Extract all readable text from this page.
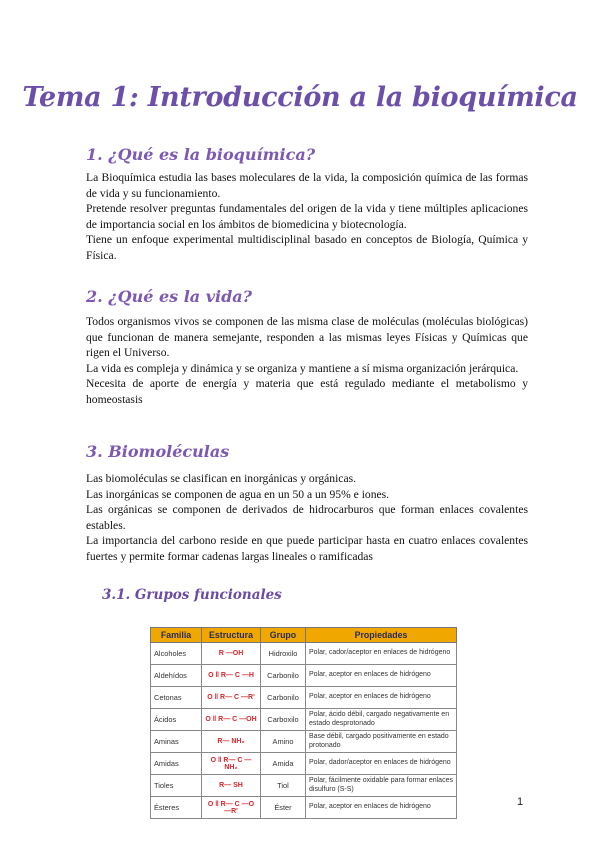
Tema 1: Introducción a la bioquímica
1. ¿Qué es la bioquímica?

La Bioquímica estudia las bases moleculares de la vida, la composición química de las formas de vida y su funcionamiento.

Pretende resolver preguntas fundamentales del origen de la vida y tiene múltiples aplicaciones de importancia social en los ámbitos de biomedicina y biotecnología.

Tiene un enfoque experimental multidisciplinal basado en conceptos de Biología, Química y Física.

2. ¿Qué es la vida?

Todos organismos vivos se componen de las misma clase de moléculas (moléculas biológicas) que funcionan de manera semejante, responden a las mismas leyes Físicas y Químicas que rigen el Universo.

La vida es compleja y dinámica y se organiza y mantiene a sí misma organización jerárquica.

Necesita de aporte de energía y materia que está regulado mediante el metabolismo y homeostasis

3. Biomoléculas

Las biomoléculas se clasifican en inorgánicas y orgánicas.

Las inorgánicas se componen de agua en un 50 a un 95% e iones.

Las orgánicas se componen de derivados de hidrocarburos que forman enlaces covalentes estables.

La importancia del carbono reside en que puede participar hasta en cuatro enlaces covalentes fuertes y permite formar cadenas largas lineales o ramificadas

3.1. Grupos funcionales
Familia	Estructura	Grupo	Propiedades
Alcoholes	R —OH	Hidroxilo	Polar, cador/aceptor en enlaces de hidrógeno
Aldehídos	O ‖ R— C —H	Carbonilo	Polar, aceptor en enlaces de hidrógeno
Cetonas	O ‖ R— C —R'	Carbonilo	Polar, aceptor en enlaces de hidrógeno
Ácidos	O ‖ R— C —OH	Carboxilo	Polar, ácido débil, cargado negativamente en estado desprotonado
Aminas	R— NH₂	Amino	Base débil, cargado positivamente en estado protonado
Amidas	O ‖ R— C —NH₂	Amida	Polar, dador/aceptor en enlaces de hidrógeno
Tioles	R— SH	Tiol	Polar, fácilmente oxidable para formar enlaces disulfuro (S-S)
Ésteres	O ‖ R— C —O —R'	Éster	Polar, aceptor en enlaces de hidrógeno	1
